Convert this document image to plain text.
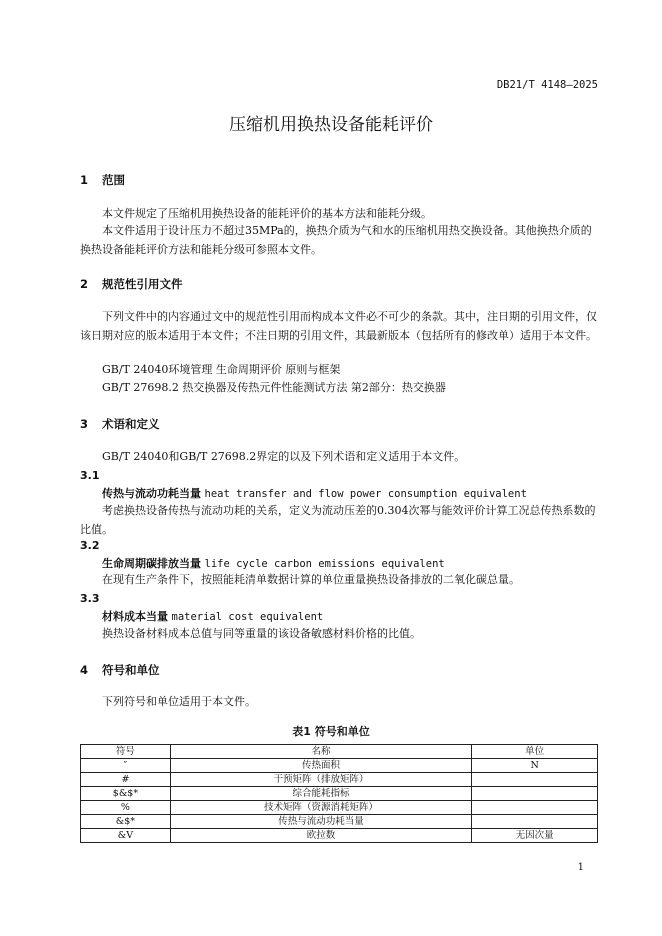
DB21/T 4148—2025
压缩机用换热设备能耗评价
1 范围
本文件规定了压缩机用换热设备的能耗评价的基本方法和能耗分级。
本文件适用于设计压力不超过35MPa的，换热介质为气和水的压缩机用热交换设备。其他换热介质的换热设备能耗评价方法和能耗分级可参照本文件。
2 规范性引用文件
下列文件中的内容通过文中的规范性引用而构成本文件必不可少的条款。其中，注日期的引用文件，仅该日期对应的版本适用于本文件；不注日期的引用文件，其最新版本（包括所有的修改单）适用于本文件。
GB/T 24040环境管理 生命周期评价 原则与框架
GB/T 27698.2 热交换器及传热元件性能测试方法 第2部分：热交换器
3 术语和定义
GB/T 24040和GB/T 27698.2界定的以及下列术语和定义适用于本文件。
3.1
传热与流动功耗当量 heat transfer and flow power consumption equivalent
考虑换热设备传热与流动功耗的关系，定义为流动压差的0.304次幂与能效评价计算工况总传热系数的比值。
3.2
生命周期碳排放当量 life cycle carbon emissions equivalent
在现有生产条件下，按照能耗清单数据计算的单位重量换热设备排放的二氧化碳总量。
3.3
材料成本当量 material cost equivalent
换热设备材料成本总值与同等重量的该设备敏感材料价格的比值。
4 符号和单位
下列符号和单位适用于本文件。
表1 符号和单位
符号	名称	单位
″	传热面积	N
#	干预矩阵（排放矩阵）	
$&$*	综合能耗指标	
%	技术矩阵（资源消耗矩阵）	
&$*	传热与流动功耗当量	
&V	欧拉数	无因次量
1
